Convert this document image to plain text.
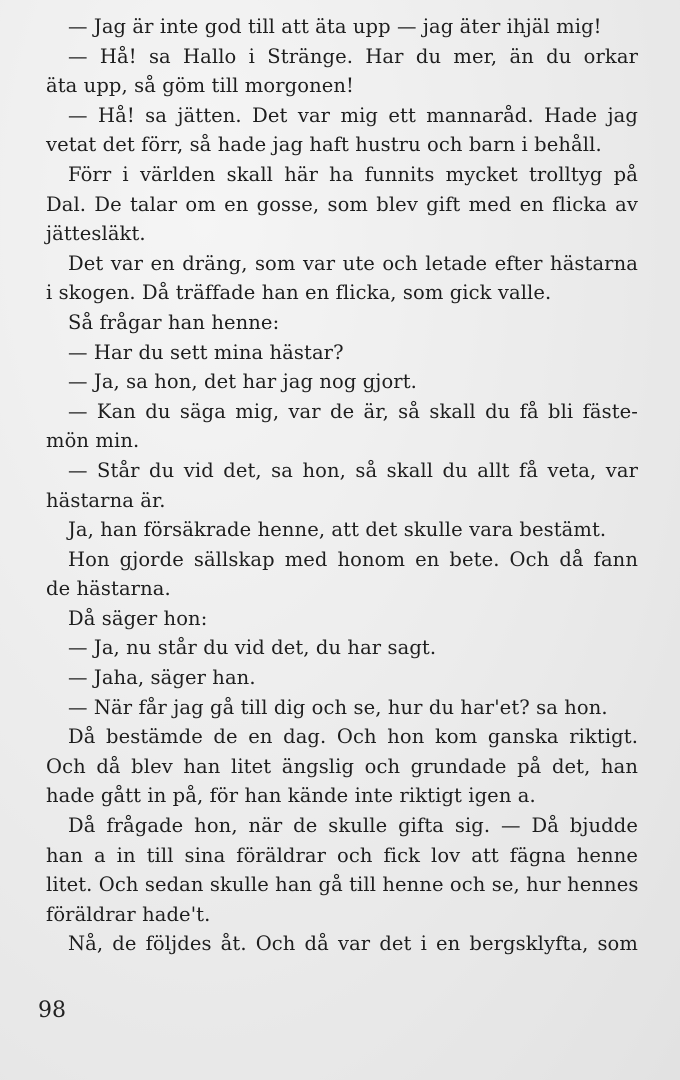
— Jag är inte god till att äta upp — jag äter ihjäl mig!
— Hå! sa Hallo i Stränge. Har du mer, än du orkar
äta upp, så göm till morgonen!
— Hå! sa jätten. Det var mig ett mannaråd. Hade jag
vetat det förr, så hade jag haft hustru och barn i behåll.
Förr i världen skall här ha funnits mycket trolltyg på
Dal. De talar om en gosse, som blev gift med en flicka av
jättesläkt.
Det var en dräng, som var ute och letade efter hästarna
i skogen. Då träffade han en flicka, som gick valle.
Så frågar han henne:
— Har du sett mina hästar?
— Ja, sa hon, det har jag nog gjort.
— Kan du säga mig, var de är, så skall du få bli fäste-
mön min.
— Står du vid det, sa hon, så skall du allt få veta, var
hästarna är.
Ja, han försäkrade henne, att det skulle vara bestämt.
Hon gjorde sällskap med honom en bete. Och då fann
de hästarna.
Då säger hon:
— Ja, nu står du vid det, du har sagt.
— Jaha, säger han.
— När får jag gå till dig och se, hur du har'et? sa hon.
Då bestämde de en dag. Och hon kom ganska riktigt.
Och då blev han litet ängslig och grundade på det, han
hade gått in på, för han kände inte riktigt igen a.
Då frågade hon, när de skulle gifta sig. — Då bjudde
han a in till sina föräldrar och fick lov att fägna henne
litet. Och sedan skulle han gå till henne och se, hur hennes
föräldrar hade't.
Nå, de följdes åt. Och då var det i en bergsklyfta, som
98
